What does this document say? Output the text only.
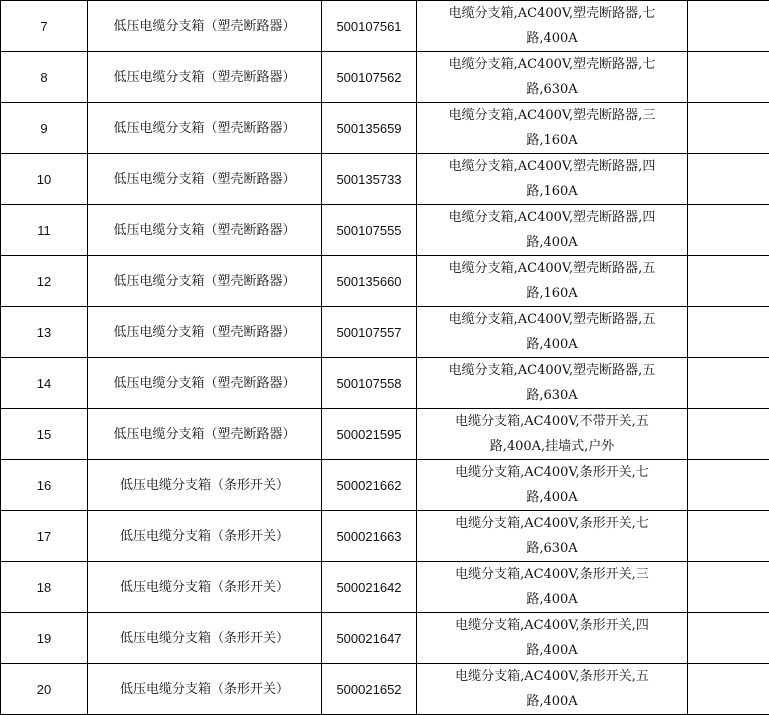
7	低压电缆分支箱（塑壳断路器）	500107561	电缆分支箱,AC400V,塑壳断路器,七
路,400A	

8	低压电缆分支箱（塑壳断路器）	500107562	电缆分支箱,AC400V,塑壳断路器,七
路,630A	

9	低压电缆分支箱（塑壳断路器）	500135659	电缆分支箱,AC400V,塑壳断路器,三
路,160A	

10	低压电缆分支箱（塑壳断路器）	500135733	电缆分支箱,AC400V,塑壳断路器,四
路,160A	

11	低压电缆分支箱（塑壳断路器）	500107555	电缆分支箱,AC400V,塑壳断路器,四
路,400A	

12	低压电缆分支箱（塑壳断路器）	500135660	电缆分支箱,AC400V,塑壳断路器,五
路,160A	

13	低压电缆分支箱（塑壳断路器）	500107557	电缆分支箱,AC400V,塑壳断路器,五
路,400A	

14	低压电缆分支箱（塑壳断路器）	500107558	电缆分支箱,AC400V,塑壳断路器,五
路,630A	

15	低压电缆分支箱（塑壳断路器）	500021595	电缆分支箱,AC400V,不带开关,五
路,400A,挂墙式,户外	

16	低压电缆分支箱（条形开关）	500021662	电缆分支箱,AC400V,条形开关,七
路,400A	

17	低压电缆分支箱（条形开关）	500021663	电缆分支箱,AC400V,条形开关,七
路,630A	

18	低压电缆分支箱（条形开关）	500021642	电缆分支箱,AC400V,条形开关,三
路,400A	

19	低压电缆分支箱（条形开关）	500021647	电缆分支箱,AC400V,条形开关,四
路,400A	

20	低压电缆分支箱（条形开关）	500021652	电缆分支箱,AC400V,条形开关,五
路,400A	
